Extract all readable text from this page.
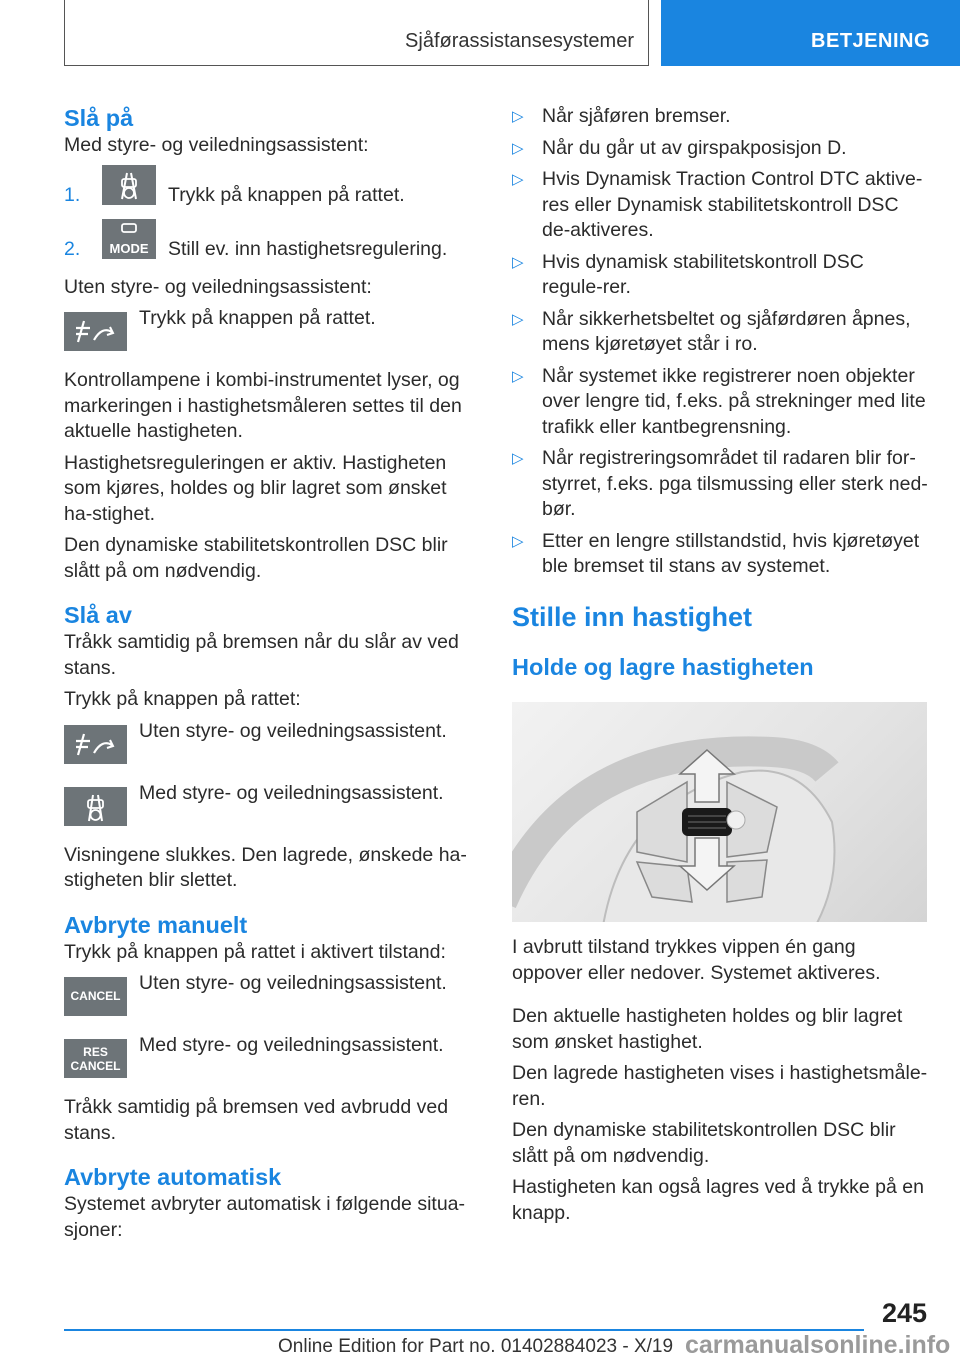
Sjåførassistansesystemer	BETJENING
Slå på

Med styre- og veiledningsassistent:

1.	Trykk på knappen på rattet.
2. MODE Still ev. inn hastighetsregulering.

Uten styre- og veiledningsassistent:

Trykk på knappen på rattet.

Kontrollampene i kombi-instrumentet lyser, og markeringen i hastighetsmåleren settes til den aktuelle hastigheten.

Hastighetsreguleringen er aktiv. Hastigheten som kjøres, holdes og blir lagret som ønsket ha-stighet.

Den dynamiske stabilitetskontrollen DSC blir slått på om nødvendig.

Slå av

Tråkk samtidig på bremsen når du slår av ved stans.

Trykk på knappen på rattet:

Uten styre- og veiledningsassistent.
Med styre- og veiledningsassistent.

Visningene slukkes. Den lagrede, ønskede ha-stigheten blir slettet.

Avbryte manuelt

Trykk på knappen på rattet i aktivert tilstand:

CANCEL
Uten styre- og veiledningsassistent.
RES
CANCEL
Med styre- og veiledningsassistent.

Tråkk samtidig på bremsen ved avbrudd ved stans.

Avbryte automatisk

Systemet avbryter automatisk i følgende situa-sjoner:

▷ Når sjåføren bremser.
▷ Når du går ut av girspakposisjon D.
▷ Hvis Dynamisk Traction Control DTC aktive-res eller Dynamisk stabilitetskontroll DSC de-aktiveres.
▷ Hvis dynamisk stabilitetskontroll DSC regule-rer.
▷ Når sikkerhetsbeltet og sjåførdøren åpnes, mens kjøretøyet står i ro.
▷ Når systemet ikke registrerer noen objekter over lengre tid, f.eks. på strekninger med lite trafikk eller kantbegrensning.
▷ Når registreringsområdet til radaren blir for-styrret, f.eks. pga tilsmussing eller sterk ned-bør.
▷ Etter en lengre stillstandstid, hvis kjøretøyet ble bremset til stans av systemet.
Stille inn hastighet
Holde og lagre hastigheten

I avbrutt tilstand trykkes vippen én gang oppover eller nedover. Systemet aktiveres.

Den aktuelle hastigheten holdes og blir lagret som ønsket hastighet.

Den lagrede hastigheten vises i hastighetsmåle-ren.

Den dynamiske stabilitetskontrollen DSC blir slått på om nødvendig.

Hastigheten kan også lagres ved å trykke på en knapp.

245
Online Edition for Part no. 01402884023 - X/19 carmanualsonline.info
